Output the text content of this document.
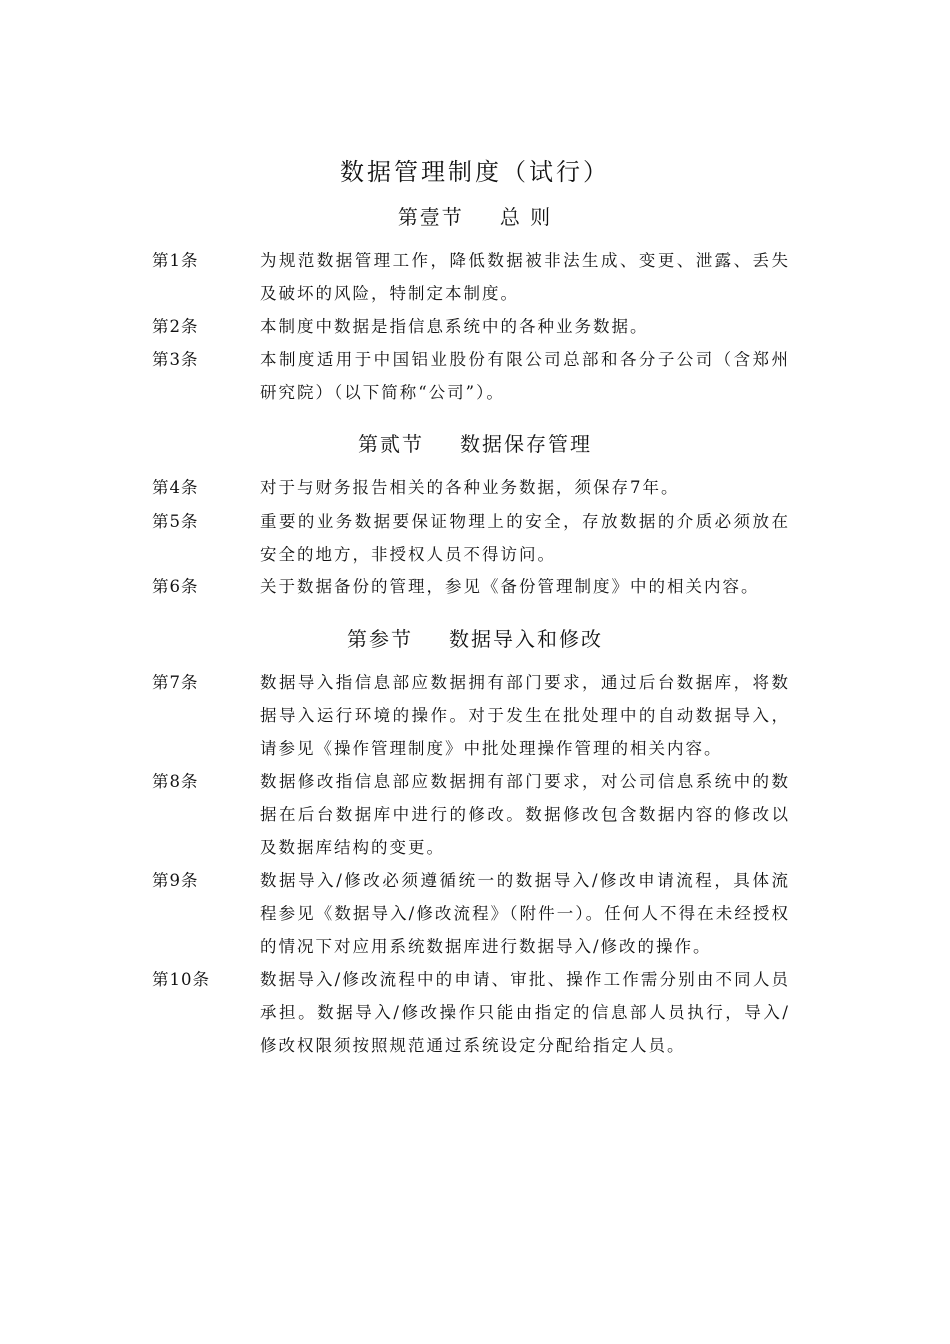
数据管理制度（试行）
第壹节 总 则
第1条	为规范数据管理工作，降低数据被非法生成、变更、泄露、丢失及破坏的风险，特制定本制度。
第2条	本制度中数据是指信息系统中的各种业务数据。
第3条	本制度适用于中国铝业股份有限公司总部和各分子公司（含郑州研究院）（以下简称“公司”）。
第贰节 数据保存管理
第4条	对于与财务报告相关的各种业务数据，须保存7年。
第5条	重要的业务数据要保证物理上的安全，存放数据的介质必须放在安全的地方，非授权人员不得访问。
第6条	关于数据备份的管理，参见《备份管理制度》中的相关内容。
第参节 数据导入和修改
第7条	数据导入指信息部应数据拥有部门要求，通过后台数据库，将数据导入运行环境的操作。对于发生在批处理中的自动数据导入，请参见《操作管理制度》中批处理操作管理的相关内容。
第8条	数据修改指信息部应数据拥有部门要求，对公司信息系统中的数据在后台数据库中进行的修改。数据修改包含数据内容的修改以及数据库结构的变更。
第9条	数据导入/修改必须遵循统一的数据导入/修改申请流程，具体流程参见《数据导入/修改流程》（附件一）。任何人不得在未经授权的情况下对应用系统数据库进行数据导入/修改的操作。
第10条	数据导入/修改流程中的申请、审批、操作工作需分别由不同人员承担。数据导入/修改操作只能由指定的信息部人员执行，导入/修改权限须按照规范通过系统设定分配给指定人员。
